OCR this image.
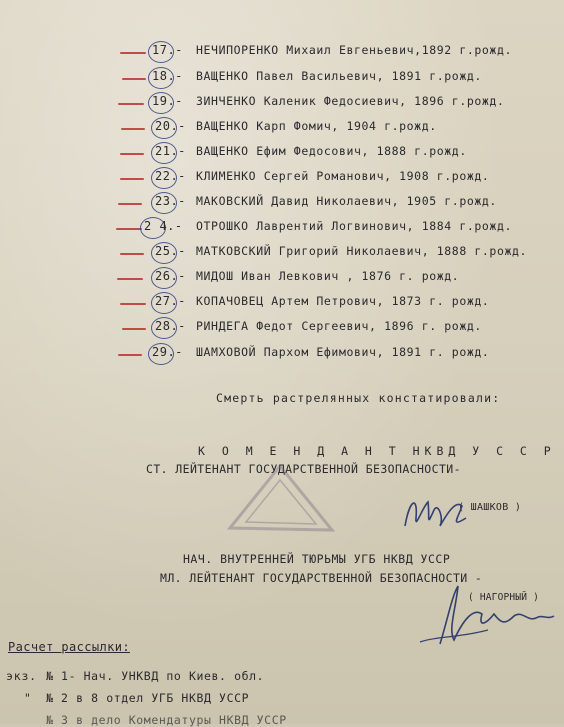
17.- НЕЧИПОРЕНКО Михаил Евгеньевич,1892 г.рожд.
18.- ВАЩЕНКО Павел Васильевич, 1891 г.рожд.
19.- ЗИНЧЕНКО Каленик Федосиевич, 1896 г.рожд.
20.- ВАЩЕНКО Карп Фомич, 1904 г.рожд.
21.- ВАЩЕНКО Ефим Федосович, 1888 г.рожд.
22.- КЛИМЕНКО Сергей Романович, 1908 г.рожд.
23.- МАКОВСКИЙ Давид Николаевич, 1905 г.рожд.
2 4.- ОТРОШКО Лаврентий Логвинович, 1884 г.рожд.
25.- МАТКОВСКИЙ Григорий Николаевич, 1888 г.рожд.
26.- МИДОШ Иван Левкович , 1876 г. рожд.
27.- КОПАЧОВЕЦ Артем Петрович, 1873 г. рожд.
28.- РИНДЕГА Федот Сергеевич, 1896 г. рожд.
29.- ШАМХОВОЙ Пархом Ефимович, 1891 г. рожд.
Смерть растрелянных констатировали:
К О М Е Н Д А Н Т НКВД У С С Р
СТ. ЛЕЙТЕНАНТ ГОСУДАРСТВЕННОЙ БЕЗОПАСНОСТИ-
( ШАШКОВ )
НАЧ. ВНУТРЕННЕЙ ТЮРЬМЫ УГБ НКВД УССР
МЛ. ЛЕЙТЕНАНТ ГОСУДАРСТВЕННОЙ БЕЗОПАСНОСТИ -
( НАГОРНЫЙ )
Расчет рассылки:
экз. № 1- Нач. УНКВД по Киев. обл.
" № 2 в 8 отдел УГБ НКВД УССР
№ 3 в дело Комендатуры НКВД УССР
